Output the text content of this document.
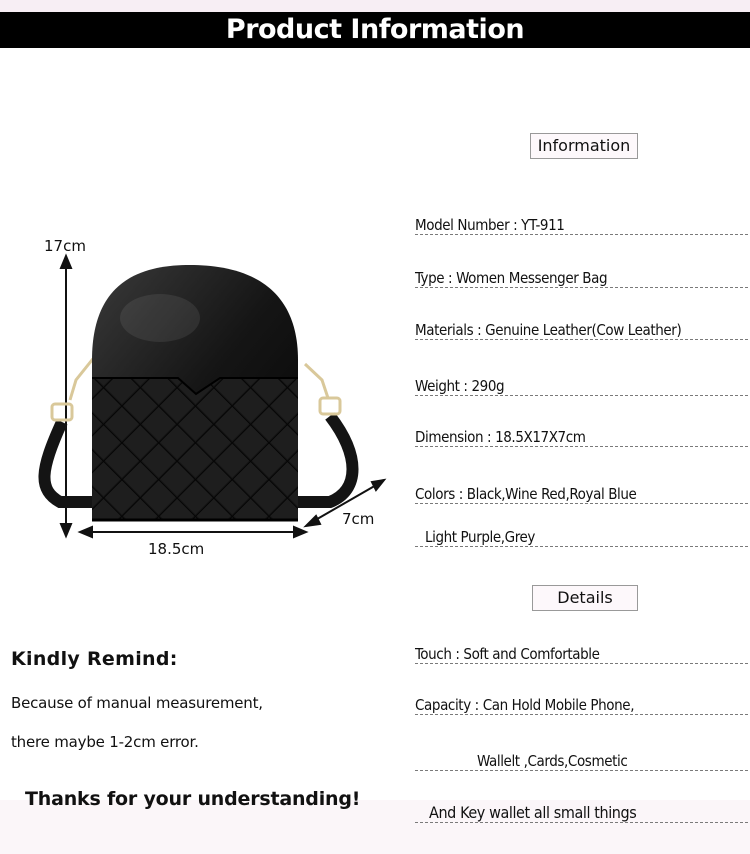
Product Information
17cm
18.5cm
7cm
Information
Model Number : YT-911
Type : Women Messenger Bag
Materials : Genuine Leather(Cow Leather)
Weight : 290g
Dimension : 18.5X17X7cm
Colors : Black,Wine Red,Royal Blue
Light Purple,Grey
Details
Touch : Soft and Comfortable
Capacity : Can Hold Mobile Phone,
Wallelt ,Cards,Cosmetic
And Key wallet all small things
Kindly Remind:
Because of manual measurement,
there maybe 1-2cm error.
Thanks for your understanding!
